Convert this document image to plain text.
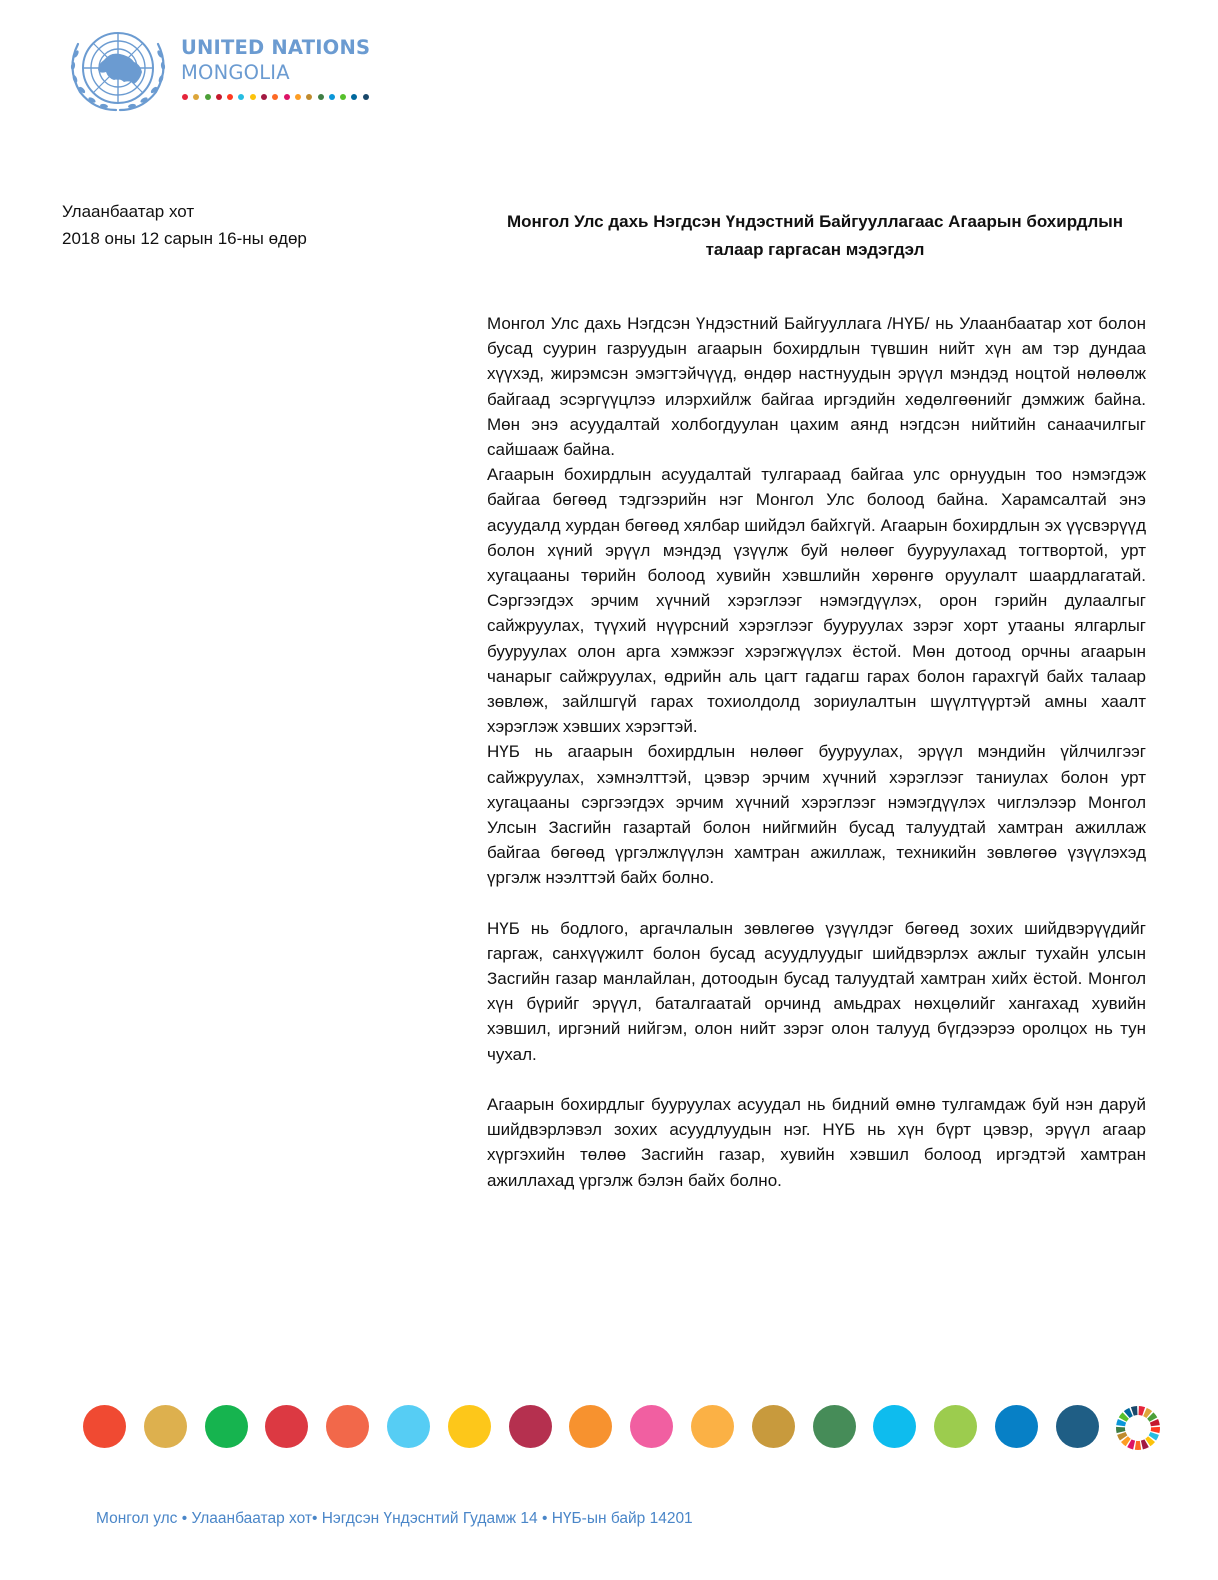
UNITED NATIONS
MONGOLIA
Улаанбаатар хот
2018 оны 12 сарын 16-ны өдөр
Монгол Улс дахь Нэгдсэн Үндэстний Байгууллагаас Агаарын бохирдлын
талаар гаргасан мэдэгдэл

Монгол Улс дахь Нэгдсэн Үндэстний Байгууллага /НҮБ/ нь Улаанбаатар хот болон бусад суурин газруудын агаарын бохирдлын түвшин нийт хүн ам тэр дундаа хүүхэд, жирэмсэн эмэгтэйчүүд, өндөр настнуудын эрүүл мэндэд ноцтой нөлөөлж байгаад эсэргүүцлээ илэрхийлж байгаа иргэдийн хөдөлгөөнийг дэмжиж байна. Мөн энэ асуудалтай холбогдуулан цахим аянд нэгдсэн нийтийн санаачилгыг сайшааж байна.

Агаарын бохирдлын асуудалтай тулгараад байгаа улс орнуудын тоо нэмэгдэж байгаа бөгөөд тэдгээрийн нэг Монгол Улс болоод байна. Харамсалтай энэ асуудалд хурдан бөгөөд хялбар шийдэл байхгүй. Агаарын бохирдлын эх үүсвэрүүд болон хүний эрүүл мэндэд үзүүлж буй нөлөөг бууруулахад тогтвортой, урт хугацааны төрийн болоод хувийн хэвшлийн хөрөнгө оруулалт шаардлагатай. Сэргээгдэх эрчим хүчний хэрэглээг нэмэгдүүлэх, орон гэрийн дулаалгыг сайжруулах, түүхий нүүрсний хэрэглээг бууруулах зэрэг хорт утааны ялгарлыг бууруулах олон арга хэмжээг хэрэгжүүлэх ёстой. Мөн дотоод орчны агаарын чанарыг сайжруулах, өдрийн аль цагт гадагш гарах болон гарахгүй байх талаар зөвлөж, зайлшгүй гарах тохиолдолд зориулалтын шүүлтүүртэй амны хаалт хэрэглэж хэвших хэрэгтэй.

НҮБ нь агаарын бохирдлын нөлөөг бууруулах, эрүүл мэндийн үйлчилгээг сайжруулах, хэмнэлттэй, цэвэр эрчим хүчний хэрэглээг таниулах болон урт хугацааны сэргээгдэх эрчим хүчний хэрэглээг нэмэгдүүлэх чиглэлээр Монгол Улсын Засгийн газартай болон нийгмийн бусад талуудтай хамтран ажиллаж байгаа бөгөөд үргэлжлүүлэн хамтран ажиллаж, техникийн зөвлөгөө үзүүлэхэд үргэлж нээлттэй байх болно.

НҮБ нь бодлого, аргачлалын зөвлөгөө үзүүлдэг бөгөөд зохих шийдвэрүүдийг гаргаж, санхүүжилт болон бусад асуудлуудыг шийдвэрлэх ажлыг тухайн улсын Засгийн газар манлайлан, дотоодын бусад талуудтай хамтран хийх ёстой. Монгол хүн бүрийг эрүүл, баталгаатай орчинд амьдрах нөхцөлийг хангахад хувийн хэвшил, иргэний нийгэм, олон нийт зэрэг олон талууд бүгдээрээ оролцох нь тун чухал.

Агаарын бохирдлыг бууруулах асуудал нь бидний өмнө тулгамдаж буй нэн даруй шийдвэрлэвэл зохих асуудлуудын нэг. НҮБ нь хүн бүрт цэвэр, эрүүл агаар хүргэхийн төлөө Засгийн газар, хувийн хэвшил болоод иргэдтэй хамтран ажиллахад үргэлж бэлэн байх болно.

Монгол улс • Улаанбаатар хот• Нэгдсэн Үндэснтий Гудамж 14 • НҮБ-ын байр 14201
